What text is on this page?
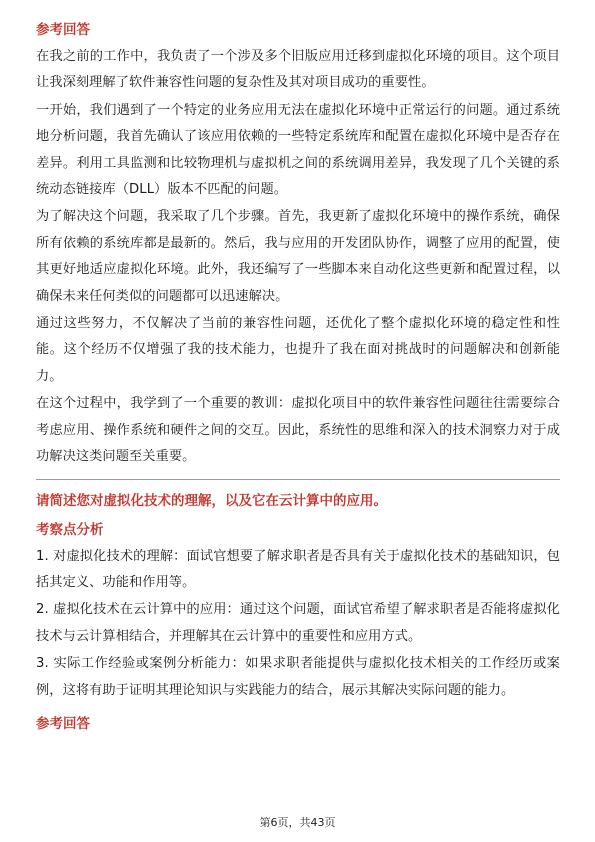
参考回答

在我之前的工作中，我负责了一个涉及多个旧版应用迁移到虚拟化环境的项目。这个项目让我深刻理解了软件兼容性问题的复杂性及其对项目成功的重要性。

一开始，我们遇到了一个特定的业务应用无法在虚拟化环境中正常运行的问题。通过系统地分析问题，我首先确认了该应用依赖的一些特定系统库和配置在虚拟化环境中是否存在差异。利用工具监测和比较物理机与虚拟机之间的系统调用差异，我发现了几个关键的系统动态链接库（DLL）版本不匹配的问题。

为了解决这个问题，我采取了几个步骤。首先，我更新了虚拟化环境中的操作系统，确保所有依赖的系统库都是最新的。然后，我与应用的开发团队协作，调整了应用的配置，使其更好地适应虚拟化环境。此外，我还编写了一些脚本来自动化这些更新和配置过程，以确保未来任何类似的问题都可以迅速解决。

通过这些努力，不仅解决了当前的兼容性问题，还优化了整个虚拟化环境的稳定性和性能。这个经历不仅增强了我的技术能力，也提升了我在面对挑战时的问题解决和创新能力。

在这个过程中，我学到了一个重要的教训：虚拟化项目中的软件兼容性问题往往需要综合考虑应用、操作系统和硬件之间的交互。因此，系统性的思维和深入的技术洞察力对于成功解决这类问题至关重要。

请简述您对虚拟化技术的理解，以及它在云计算中的应用。
考察点分析

1. 对虚拟化技术的理解：面试官想要了解求职者是否具有关于虚拟化技术的基础知识，包括其定义、功能和作用等。

2. 虚拟化技术在云计算中的应用：通过这个问题，面试官希望了解求职者是否能将虚拟化技术与云计算相结合，并理解其在云计算中的重要性和应用方式。

3. 实际工作经验或案例分析能力：如果求职者能提供与虚拟化技术相关的工作经历或案例，这将有助于证明其理论知识与实践能力的结合，展示其解决实际问题的能力。

参考回答
第6页，共43页
